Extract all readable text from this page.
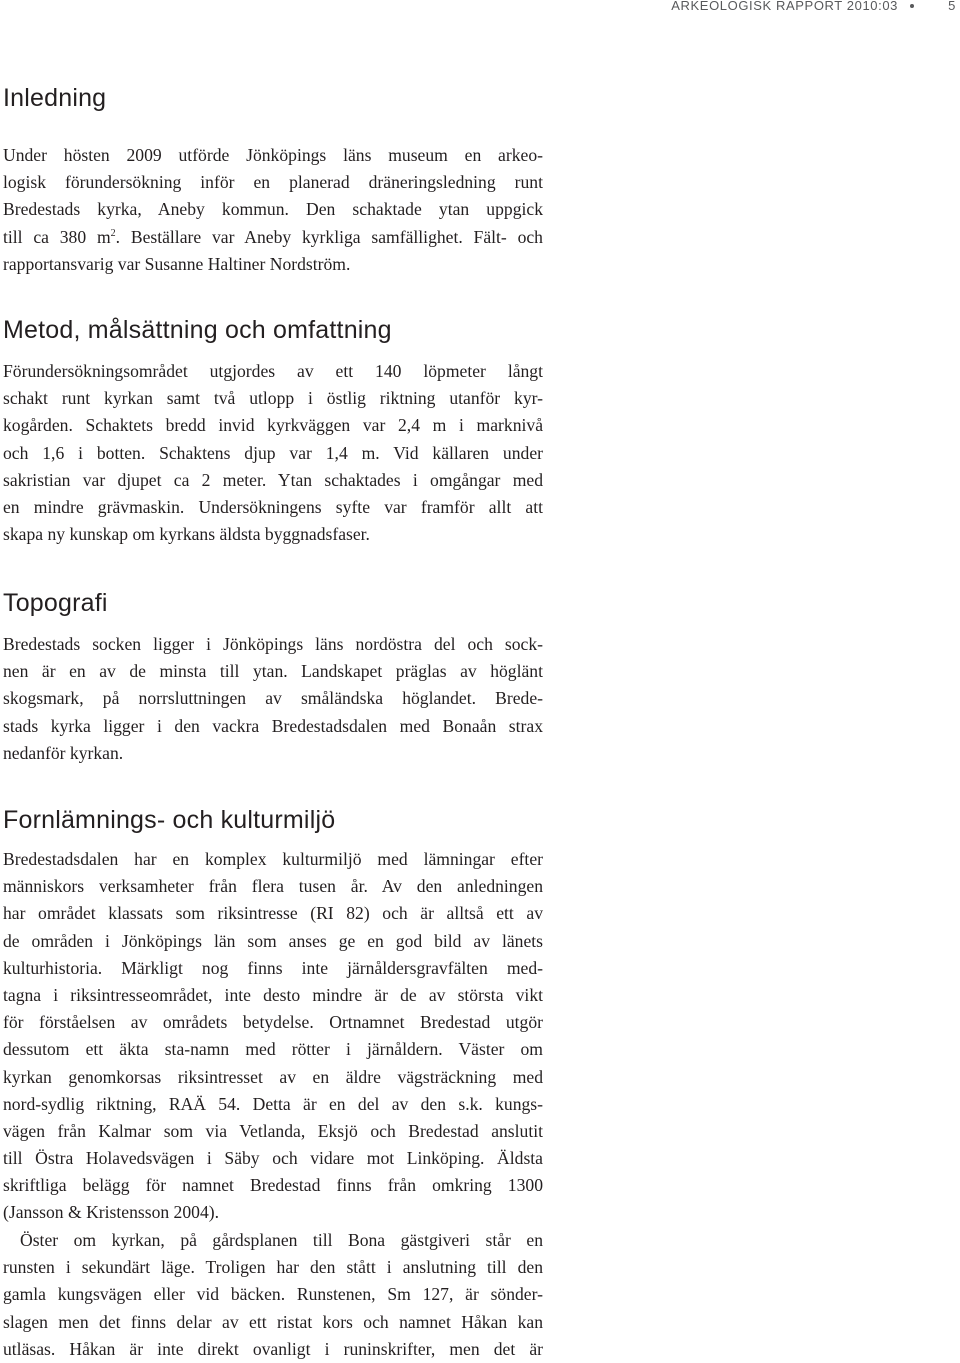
ARKEOLOGISK RAPPORT 2010:03	5
Inledning
Under hösten 2009 utförde Jönköpings läns museum en arkeo-
logisk förundersökning inför en planerad dräneringsledning runt
Bredestads kyrka, Aneby kommun. Den schaktade ytan uppgick
till ca 380 $m^2$. Beställare var Aneby kyrkliga samfällighet. Fält- och
rapportansvarig var Susanne Haltiner Nordström.
Metod, målsättning och omfattning
Förundersökningsområdet utgjordes av ett 140 löpmeter långt
schakt runt kyrkan samt två utlopp i östlig riktning utanför kyr-
kogården. Schaktets bredd invid kyrkväggen var 2,4 m i marknivå
och 1,6 i botten. Schaktens djup var 1,4 m. Vid källaren under
sakristian var djupet ca 2 meter. Ytan schaktades i omgångar med
en mindre grävmaskin. Undersökningens syfte var framför allt att
skapa ny kunskap om kyrkans äldsta byggnadsfaser.
Topografi
Bredestads socken ligger i Jönköpings läns nordöstra del och sock-
nen är en av de minsta till ytan. Landskapet präglas av höglänt
skogsmark, på norrsluttningen av småländska höglandet. Brede-
stads kyrka ligger i den vackra Bredestadsdalen med Bonaån strax
nedanför kyrkan.
Fornlämnings- och kulturmiljö
Bredestadsdalen har en komplex kulturmiljö med lämningar efter
människors verksamheter från flera tusen år. Av den anledningen
har området klassats som riksintresse (RI 82) och är alltså ett av
de områden i Jönköpings län som anses ge en god bild av länets
kulturhistoria. Märkligt nog finns inte järnåldersgravfälten med-
tagna i riksintresseområdet, inte desto mindre är de av största vikt
för förståelsen av områdets betydelse. Ortnamnet Bredestad utgör
dessutom ett äkta sta-namn med rötter i järnåldern. Väster om
kyrkan genomkorsas riksintresset av en äldre vägsträckning med
nord-sydlig riktning, RAÄ 54. Detta är en del av den s.k. kungs-
vägen från Kalmar som via Vetlanda, Eksjö och Bredestad anslutit
till Östra Holavedsvägen i Säby och vidare mot Linköping. Äldsta
skriftliga belägg för namnet Bredestad finns från omkring 1300
(Jansson & Kristensson 2004).
Öster om kyrkan, på gårdsplanen till Bona gästgiveri står en
runsten i sekundärt läge. Troligen har den stått i anslutning till den
gamla kungsvägen eller vid bäcken. Runstenen, Sm 127, är sönder-
slagen men det finns delar av ett ristat kors och namnet Håkan kan
utläsas. Håkan är inte direkt ovanligt i runinskrifter, men det är
